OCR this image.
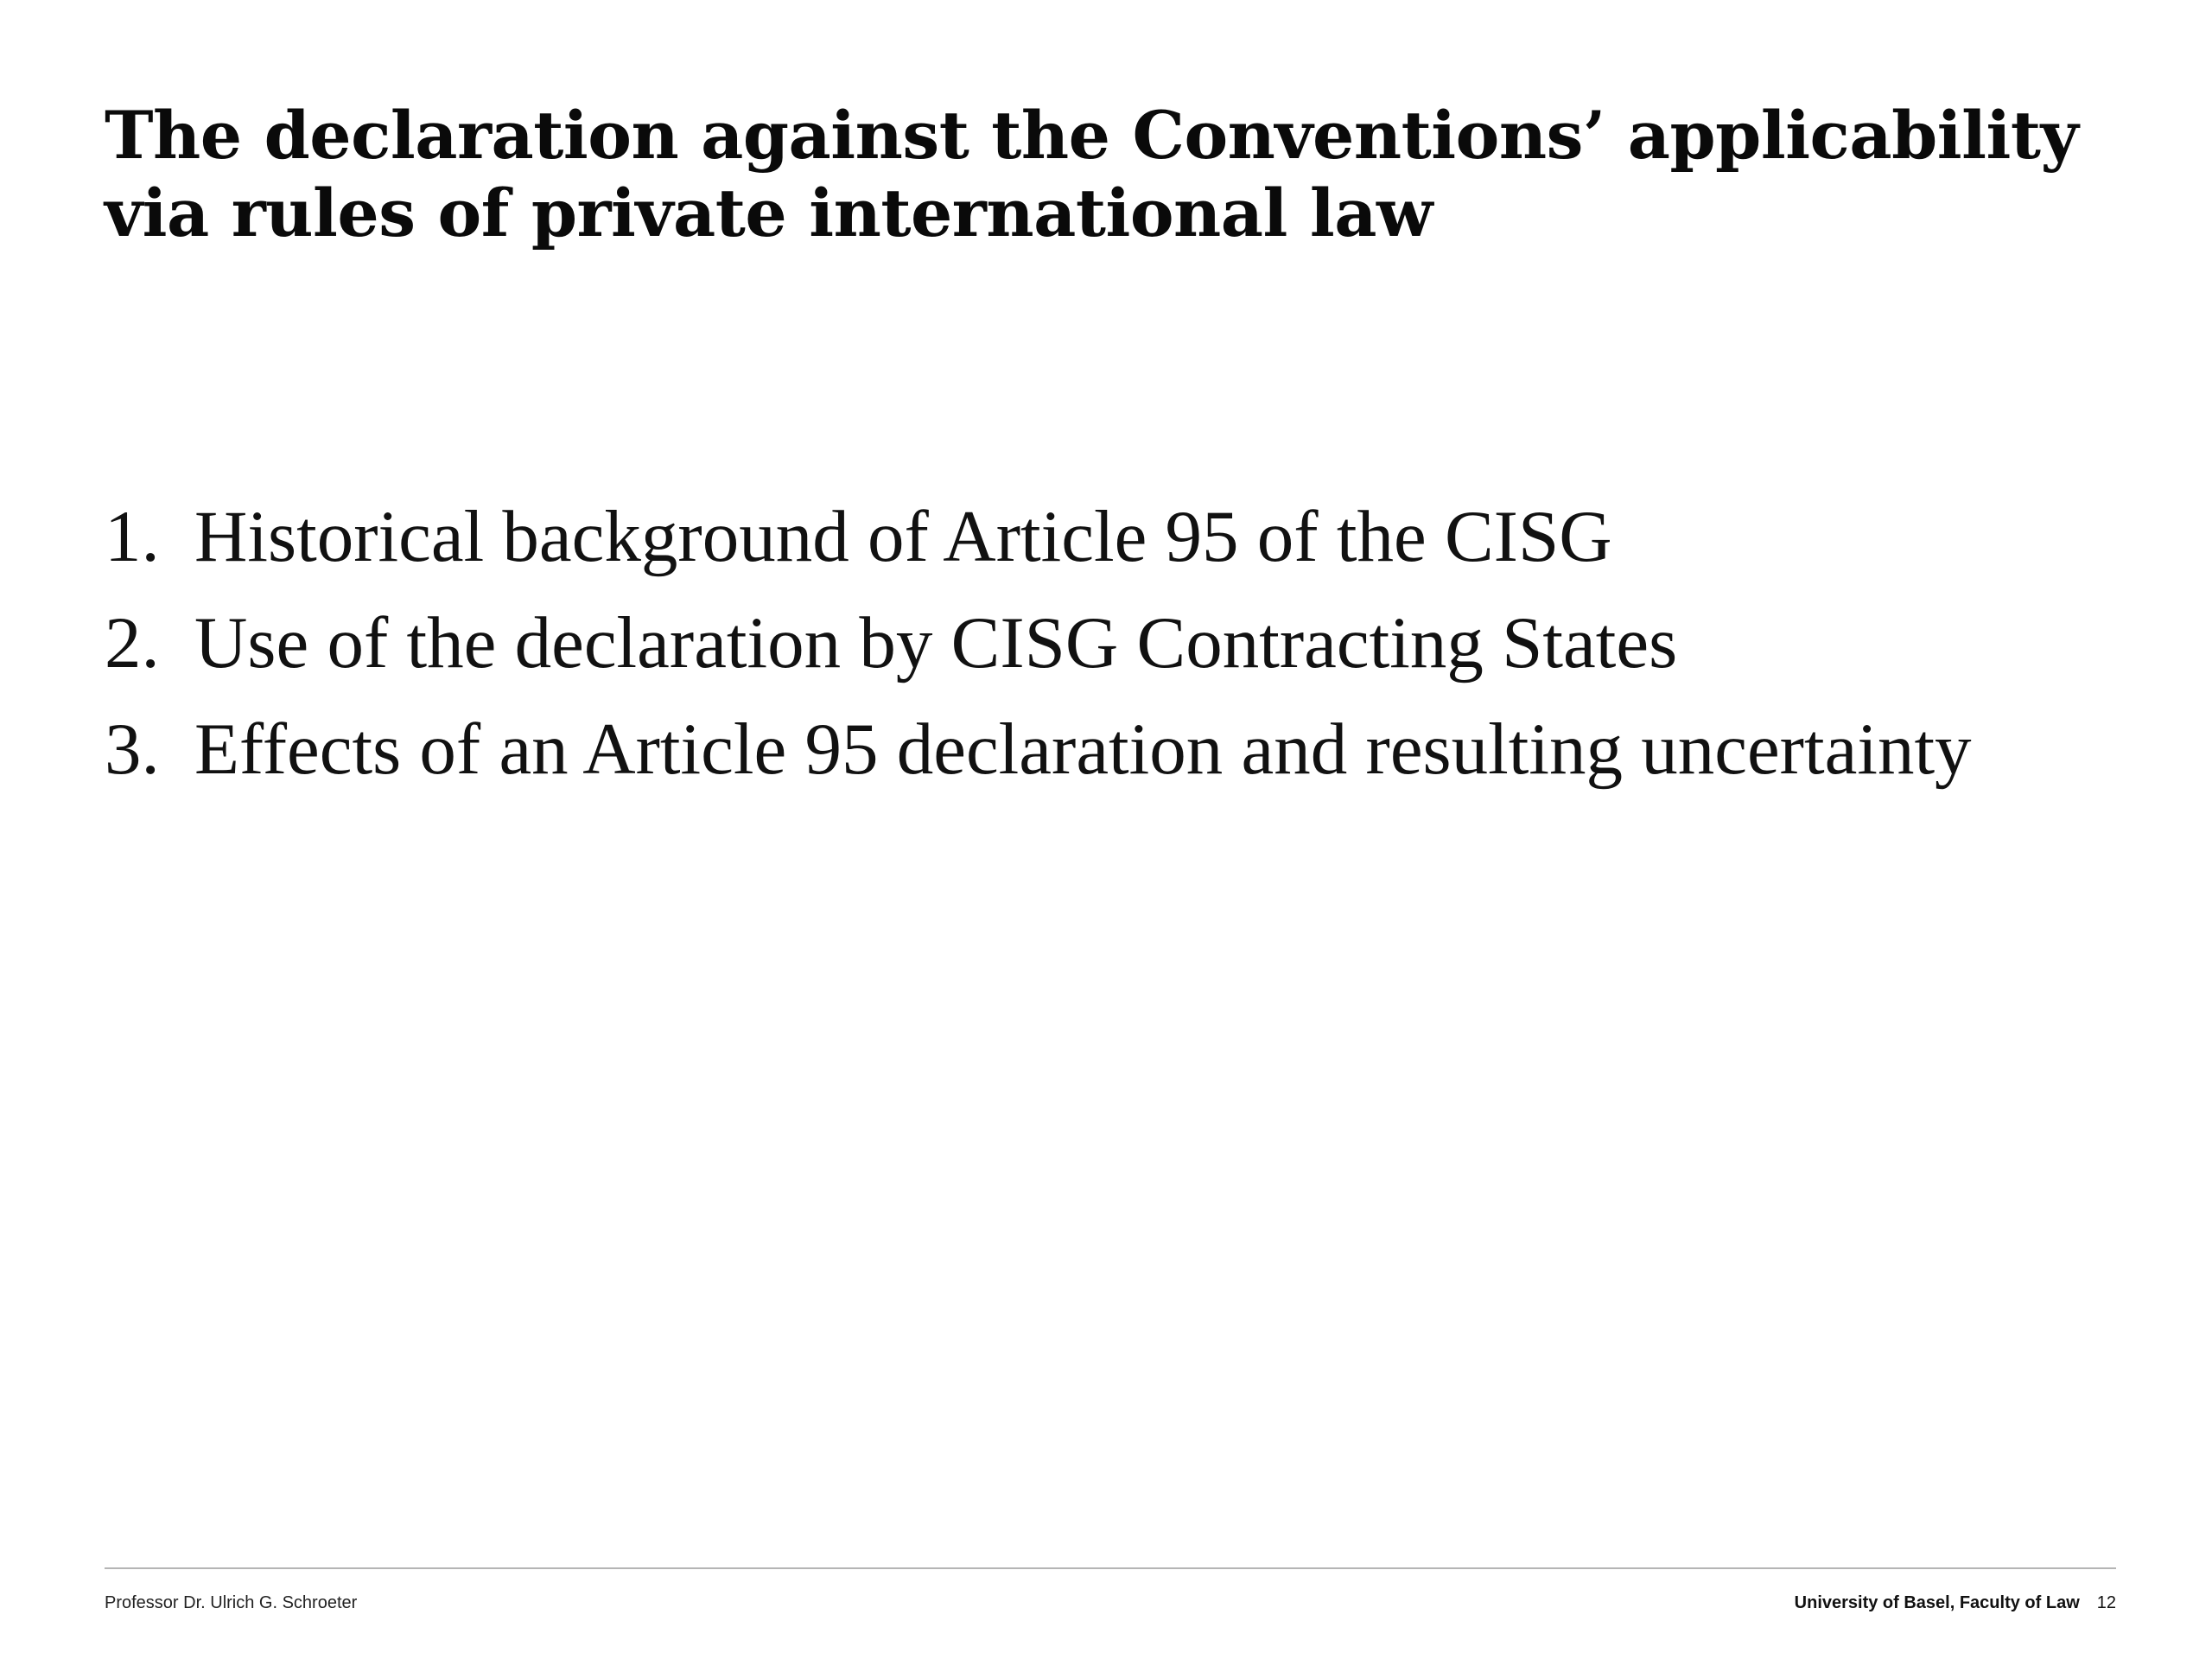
The declaration against the Conventions’ applicability via rules of private international law
1. Historical background of Article 95 of the CISG
2. Use of the declaration by CISG Contracting States
3. Effects of an Article 95 declaration and resulting uncertainty
Professor Dr. Ulrich G. Schroeter	University of Basel, Faculty of Law 12
